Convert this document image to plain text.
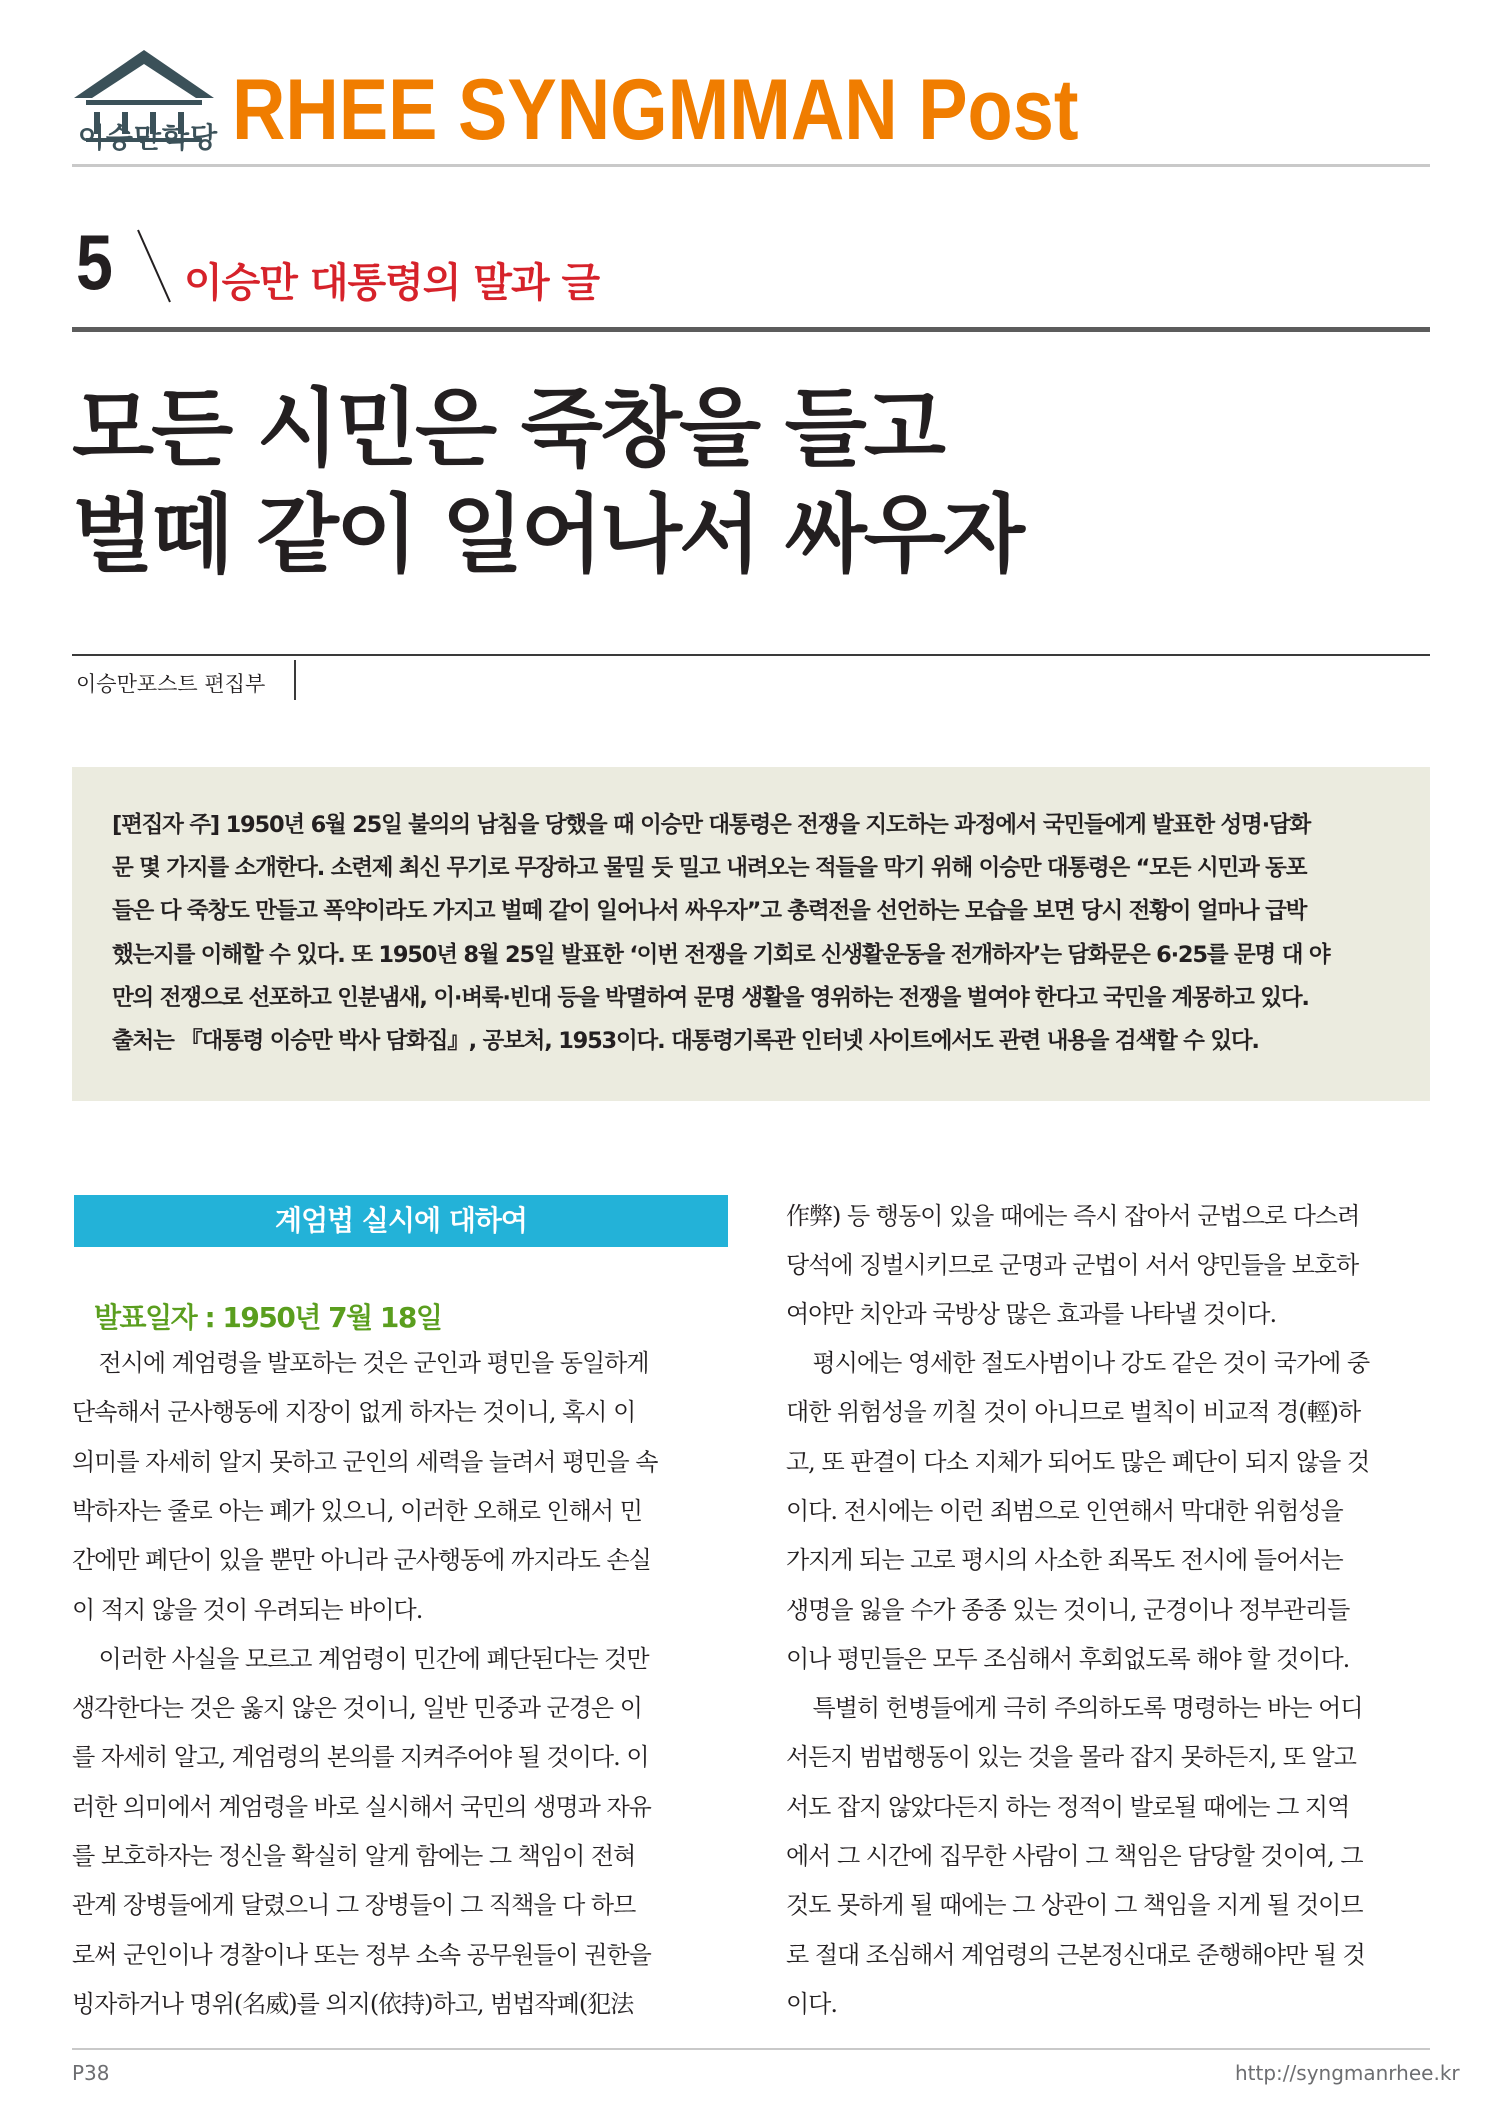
이승만학당 RHEE SYNGMMAN Post
5 이승만 대통령의 말과 글
모든 시민은 죽창을 들고
벌떼 같이 일어나서 싸우자
이승만포스트 편집부
[편집자 주] 1950년 6월 25일 불의의 남침을 당했을 때 이승만 대통령은 전쟁을 지도하는 과정에서 국민들에게 발표한 성명·담화
문 몇 가지를 소개한다. 소련제 최신 무기로 무장하고 물밀 듯 밀고 내려오는 적들을 막기 위해 이승만 대통령은 “모든 시민과 동포
들은 다 죽창도 만들고 폭약이라도 가지고 벌떼 같이 일어나서 싸우자”고 총력전을 선언하는 모습을 보면 당시 전황이 얼마나 급박
했는지를 이해할 수 있다. 또 1950년 8월 25일 발표한 ‘이번 전쟁을 기회로 신생활운동을 전개하자’는 담화문은 6·25를 문명 대 야
만의 전쟁으로 선포하고 인분냄새, 이·벼룩·빈대 등을 박멸하여 문명 생활을 영위하는 전쟁을 벌여야 한다고 국민을 계몽하고 있다.
출처는 『대통령 이승만 박사 담화집』, 공보처, 1953이다. 대통령기록관 인터넷 사이트에서도 관련 내용을 검색할 수 있다.
계엄법 실시에 대하여
발표일자 : 1950년 7월 18일
전시에 계엄령을 발포하는 것은 군인과 평민을 동일하게
단속해서 군사행동에 지장이 없게 하자는 것이니, 혹시 이
의미를 자세히 알지 못하고 군인의 세력을 늘려서 평민을 속
박하자는 줄로 아는 폐가 있으니, 이러한 오해로 인해서 민
간에만 폐단이 있을 뿐만 아니라 군사행동에 까지라도 손실
이 적지 않을 것이 우려되는 바이다.
이러한 사실을 모르고 계엄령이 민간에 폐단된다는 것만
생각한다는 것은 옳지 않은 것이니, 일반 민중과 군경은 이
를 자세히 알고, 계엄령의 본의를 지켜주어야 될 것이다. 이
러한 의미에서 계엄령을 바로 실시해서 국민의 생명과 자유
를 보호하자는 정신을 확실히 알게 함에는 그 책임이 전혀
관계 장병들에게 달렸으니 그 장병들이 그 직책을 다 하므
로써 군인이나 경찰이나 또는 정부 소속 공무원들이 권한을
빙자하거나 명위(名威)를 의지(依持)하고, 범법작폐(犯法
作弊) 등 행동이 있을 때에는 즉시 잡아서 군법으로 다스려
당석에 징벌시키므로 군명과 군법이 서서 양민들을 보호하
여야만 치안과 국방상 많은 효과를 나타낼 것이다.
평시에는 영세한 절도사범이나 강도 같은 것이 국가에 중
대한 위험성을 끼칠 것이 아니므로 벌칙이 비교적 경(輕)하
고, 또 판결이 다소 지체가 되어도 많은 폐단이 되지 않을 것
이다. 전시에는 이런 죄범으로 인연해서 막대한 위험성을
가지게 되는 고로 평시의 사소한 죄목도 전시에 들어서는
생명을 잃을 수가 종종 있는 것이니, 군경이나 정부관리들
이나 평민들은 모두 조심해서 후회없도록 해야 할 것이다.
특별히 헌병들에게 극히 주의하도록 명령하는 바는 어디
서든지 범법행동이 있는 것을 몰라 잡지 못하든지, 또 알고
서도 잡지 않았다든지 하는 정적이 발로될 때에는 그 지역
에서 그 시간에 집무한 사람이 그 책임은 담당할 것이여, 그
것도 못하게 될 때에는 그 상관이 그 책임을 지게 될 것이므
로 절대 조심해서 계엄령의 근본정신대로 준행해야만 될 것
이다.
P38	http://syngmanrhee.kr
